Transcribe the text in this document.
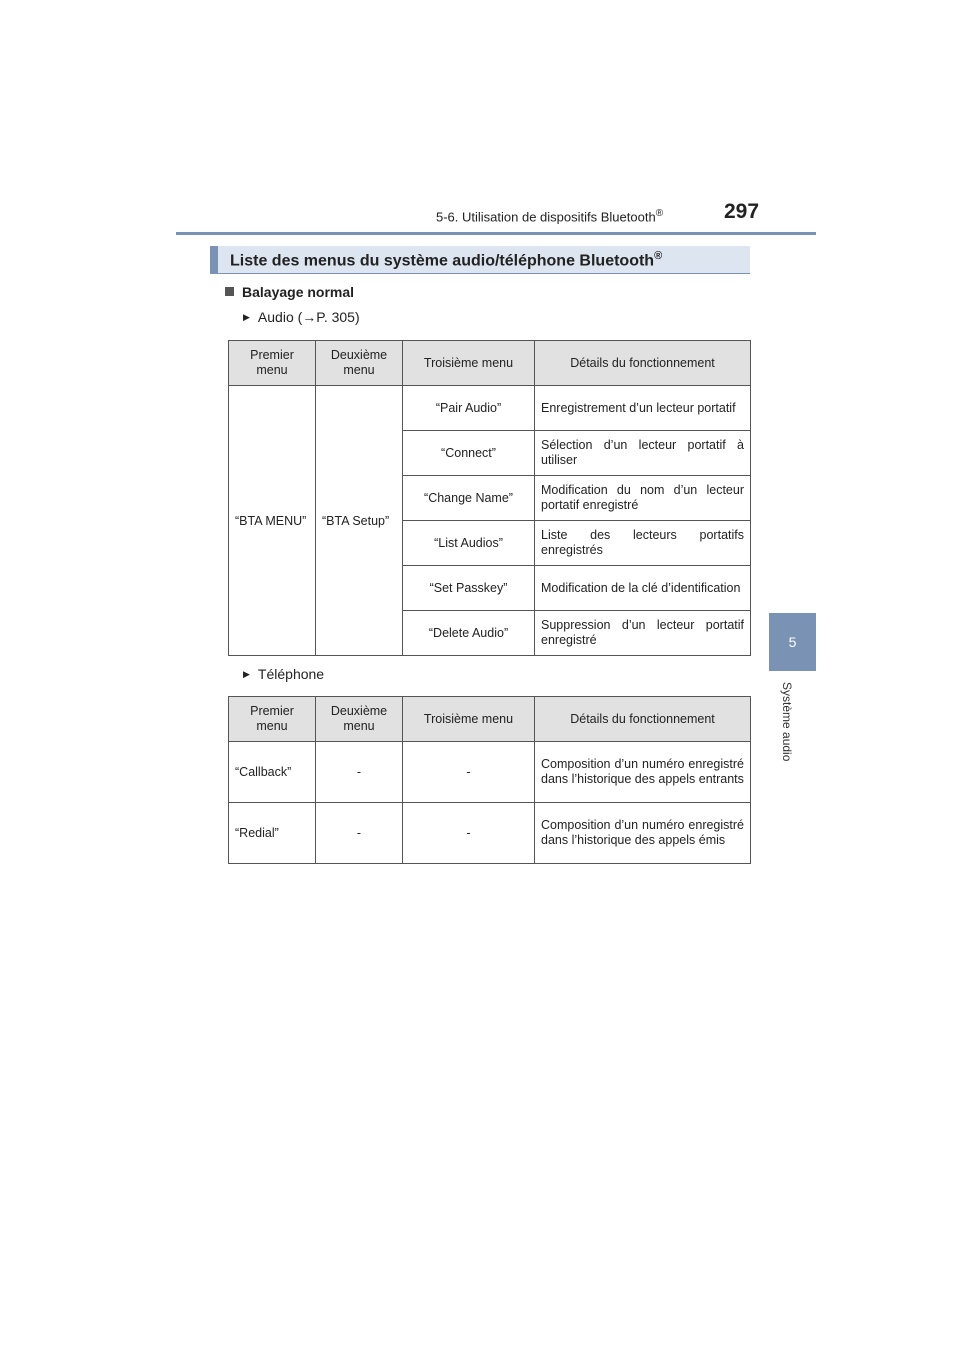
5-6. Utilisation de dispositifs Bluetooth®	297
5
Système audio
Liste des menus du système audio/téléphone Bluetooth®
Balayage normal
▶ Audio (→P. 305)
Premier menu	Deuxième menu	Troisième menu	Détails du fonctionnement
“BTA MENU”	“BTA Setup”	“Pair Audio”	Enregistrement d’un lecteur portatif
		“Connect”	Sélection d’un lecteur portatif à utiliser
		“Change Name”	Modification du nom d’un lecteur portatif enregistré
		“List Audios”	Liste des lecteurs portatifs enregistrés
		“Set Passkey”	Modification de la clé d’identification
		“Delete Audio”	Suppression d’un lecteur portatif enregistré
▶ Téléphone
Premier menu	Deuxième menu	Troisième menu	Détails du fonctionnement
“Callback”	-	-	Composition d’un numéro enregistré dans l’historique des appels entrants
“Redial”	-	-	Composition d’un numéro enregistré dans l’historique des appels émis
